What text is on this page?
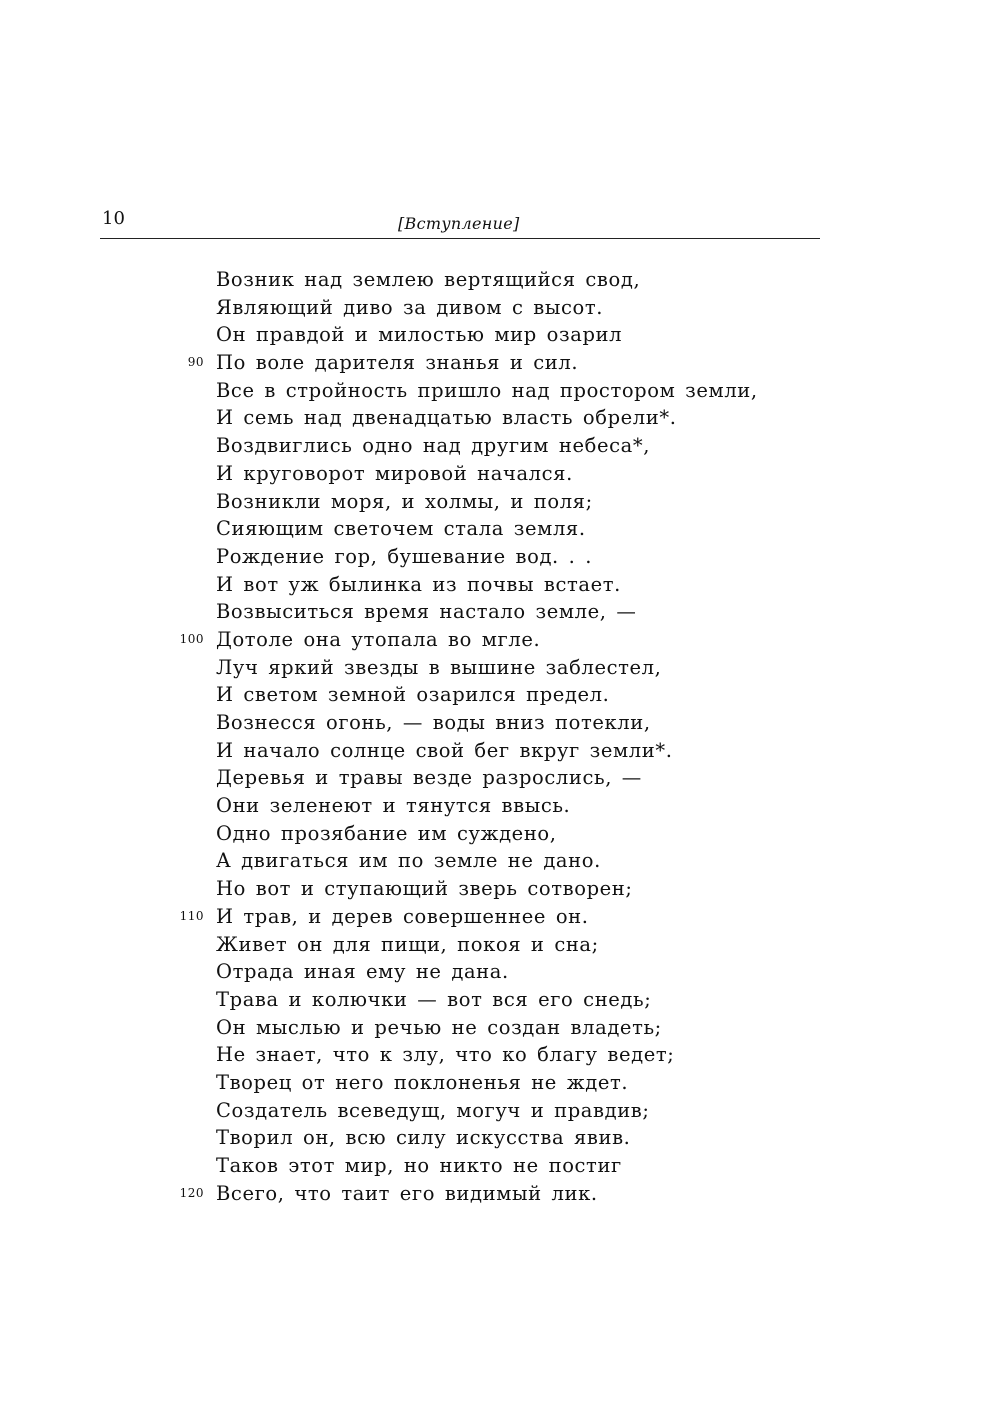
10	[Вступление]
Возник над землею вертящийся свод,
Являющий диво за дивом с высот.
Он правдой и милостью мир озарил
90 По воле дарителя знанья и сил.
Все в стройность пришло над простором земли,
И семь над двенадцатью власть обрели*.
Воздвиглись одно над другим небеса*,
И круговорот мировой начался.
Возникли моря, и холмы, и поля;
Сияющим светочем стала земля.
Рождение гор, бушевание вод. . .
И вот уж былинка из почвы встает.
Возвыситься время настало земле, —
100 Дотоле она утопала во мгле.
Луч яркий звезды в вышине заблестел,
И светом земной озарился предел.
Вознесся огонь, — воды вниз потекли,
И начало солнце свой бег вкруг земли*.
Деревья и травы везде разрослись, —
Они зеленеют и тянутся ввысь.
Одно прозябание им суждено,
А двигаться им по земле не дано.
Но вот и ступающий зверь сотворен;
110 И трав, и дерев совершеннее он.
Живет он для пищи, покоя и сна;
Отрада иная ему не дана.
Трава и колючки — вот вся его снедь;
Он мыслью и речью не создан владеть;
Не знает, что к злу, что ко благу ведет;
Творец от него поклоненья не ждет.
Создатель всеведущ, могуч и правдив;
Творил он, всю силу искусства явив.
Таков этот мир, но никто не постиг
120 Всего, что таит его видимый лик.
